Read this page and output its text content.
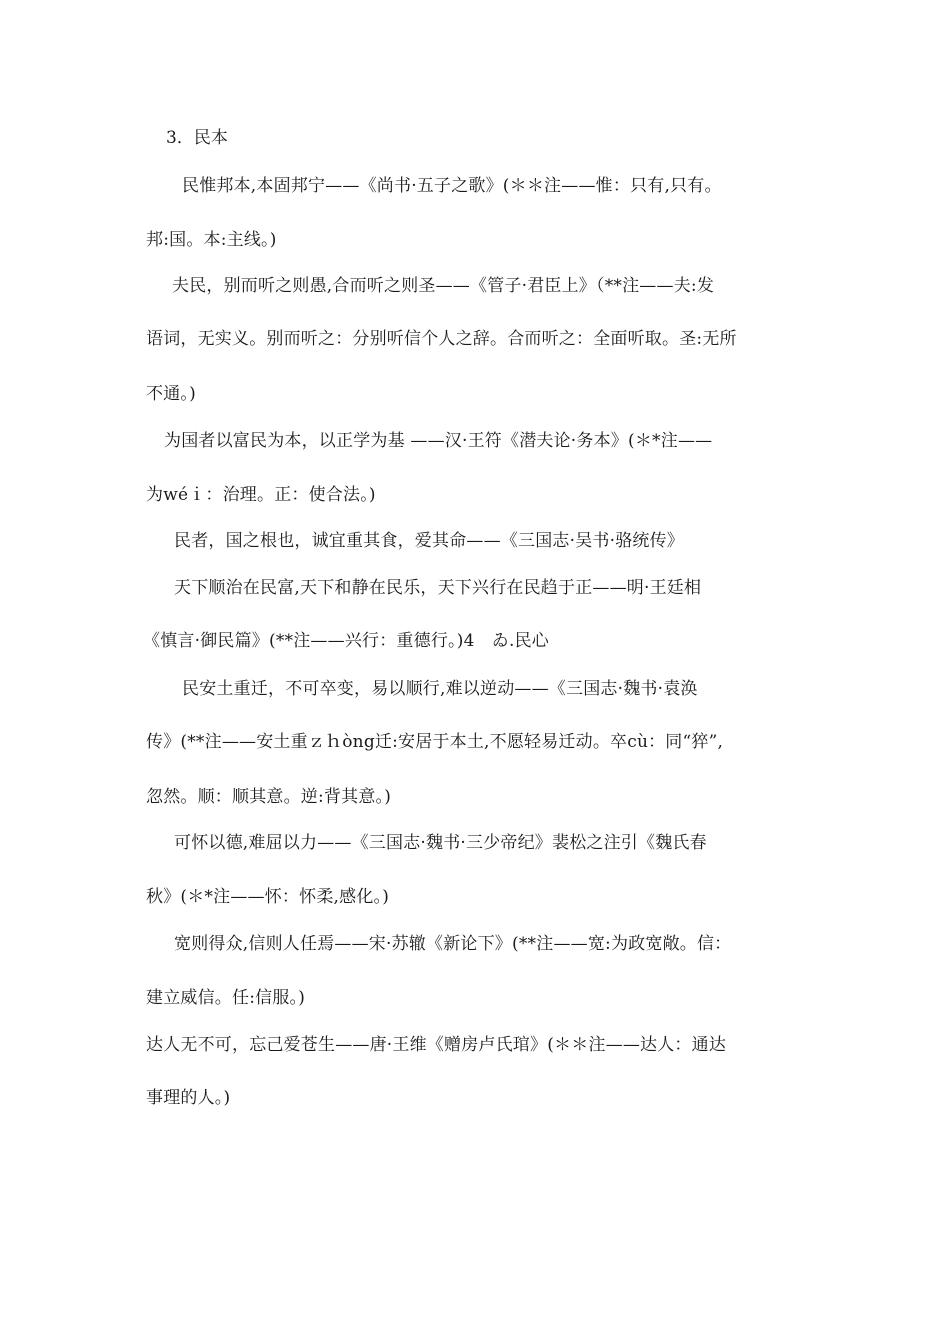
3．民本
民惟邦本,本固邦宁——《尚书·五子之歌》(＊＊注——惟：只有,只有。
邦:国。本:主线。)
夫民，别而听之则愚,合而听之则圣——《管子·君臣上》（**注——夫:发
语词，无实义。别而听之：分别听信个人之辞。合而听之：全面听取。圣:无所
不通。)
为国者以富民为本，以正学为基 ——汉·王符《潜夫论·务本》(＊*注——
为wéｉ：治理。正：使合法。)
民者，国之根也，诚宜重其食，爱其命——《三国志·吴书·骆统传》
天下顺治在民富,天下和静在民乐，天下兴行在民趋于正——明·王廷相
《慎言·御民篇》(**注——兴行：重德行。)4　ゐ.民心
民安土重迁，不可卒变，易以顺行,难以逆动——《三国志·魏书·袁涣
传》(**注——安土重ｚｈòng迁:安居于本土,不愿轻易迁动。卒cù：同“猝”,
忽然。顺：顺其意。逆:背其意。)
可怀以德,难屈以力——《三国志·魏书·三少帝纪》裴松之注引《魏氏春
秋》(＊*注——怀：怀柔,感化。)
宽则得众,信则人任焉——宋·苏辙《新论下》(**注——宽:为政宽敞。信：
建立威信。任:信服。)
达人无不可，忘己爱苍生——唐·王维《赠房卢氏琯》(＊＊注——达人：通达
事理的人。)
